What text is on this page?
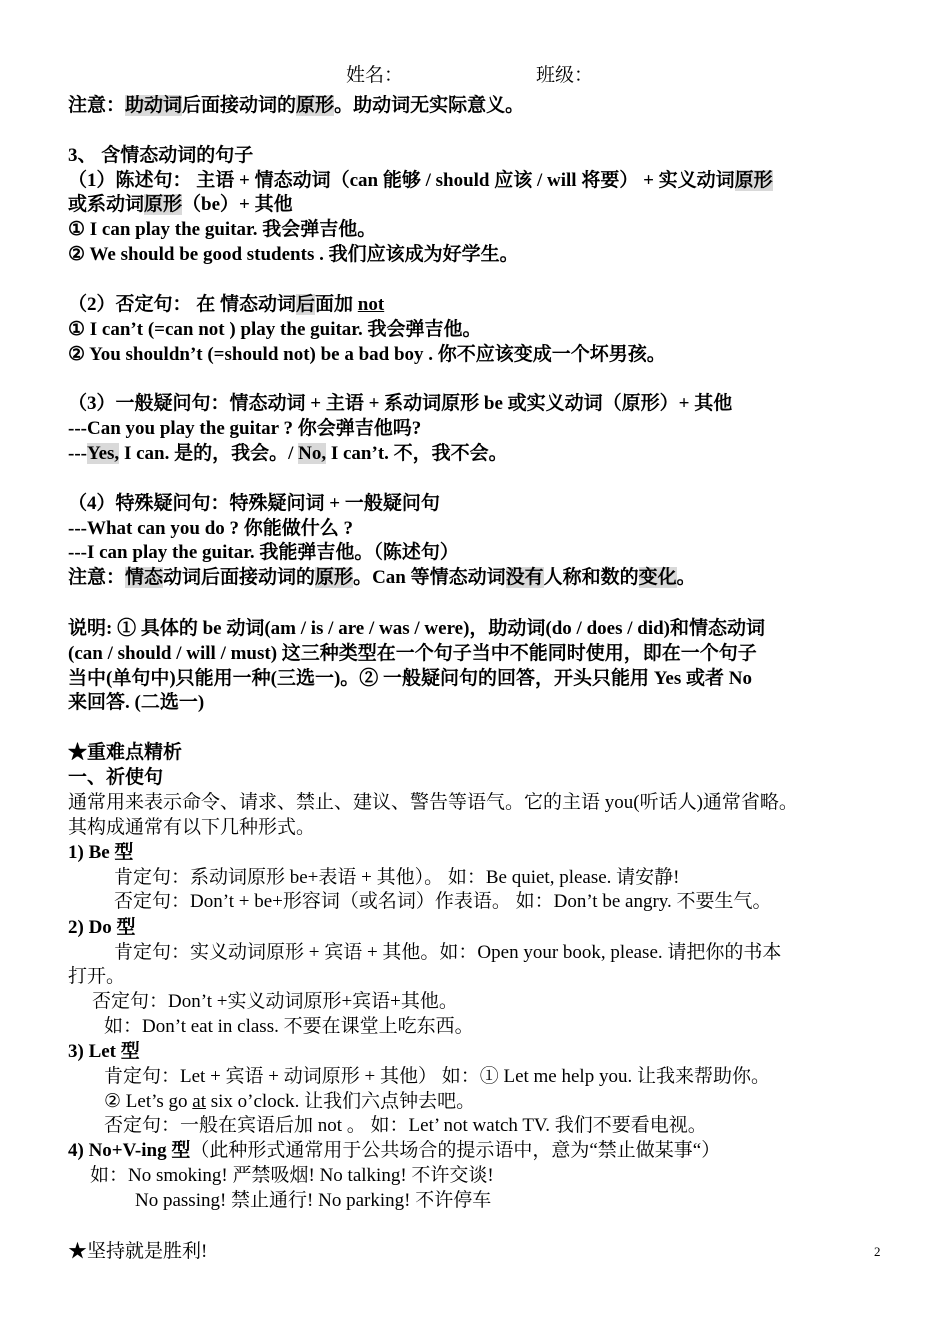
姓名：	班级：
注意：助动词后面接动词的原形。助动词无实际意义。
3、 含情态动词的句子
（1）陈述句： 主语 + 情态动词（can 能够 / should 应该 / will 将要） + 实义动词原形
或系动词原形（be）+ 其他
① I can play the guitar. 我会弹吉他。
② We should be good students . 我们应该成为好学生。
（2）否定句： 在 情态动词后面加 not
① I can’t (=can not ) play the guitar. 我会弹吉他。
② You shouldn’t (=should not) be a bad boy . 你不应该变成一个坏男孩。
（3）一般疑问句：情态动词 + 主语 + 系动词原形 be 或实义动词（原形）+ 其他
---Can you play the guitar ? 你会弹吉他吗?
---Yes, I can. 是的，我会。/ No, I can’t. 不，我不会。
（4）特殊疑问句：特殊疑问词 + 一般疑问句
---What can you do ? 你能做什么 ?
---I can play the guitar. 我能弹吉他。（陈述句）
注意：情态动词后面接动词的原形。Can 等情态动词没有人称和数的变化。
说明: ① 具体的 be 动词(am / is / are / was / were)，助动词(do / does / did)和情态动词
(can / should / will / must) 这三种类型在一个句子当中不能同时使用，即在一个句子
当中(单句中)只能用一种(三选一)。② 一般疑问句的回答，开头只能用 Yes 或者 No
来回答. (二选一)
★重难点精析
一、祈使句
通常用来表示命令、请求、禁止、建议、警告等语气。它的主语 you(听话人)通常省略。
其构成通常有以下几种形式。
1) Be 型
肯定句：系动词原形 be+表语 + 其他）。 如：Be quiet, please. 请安静!
否定句：Don’t + be+形容词（或名词）作表语。 如：Don’t be angry. 不要生气。
2) Do 型
肯定句：实义动词原形 + 宾语 + 其他。如：Open your book, please. 请把你的书本
打开。
否定句：Don’t +实义动词原形+宾语+其他。
如：Don’t eat in class. 不要在课堂上吃东西。
3) Let 型
肯定句：Let + 宾语 + 动词原形 + 其他） 如：① Let me help you. 让我来帮助你。
② Let’s go at six o’clock. 让我们六点钟去吧。
否定句：一般在宾语后加 not 。 如：Let’ not watch TV. 我们不要看电视。
4) No+V-ing 型（此种形式通常用于公共场合的提示语中，意为“禁止做某事“）
如：No smoking! 严禁吸烟! No talking! 不许交谈!
No passing! 禁止通行! No parking! 不许停车
★坚持就是胜利!	2
